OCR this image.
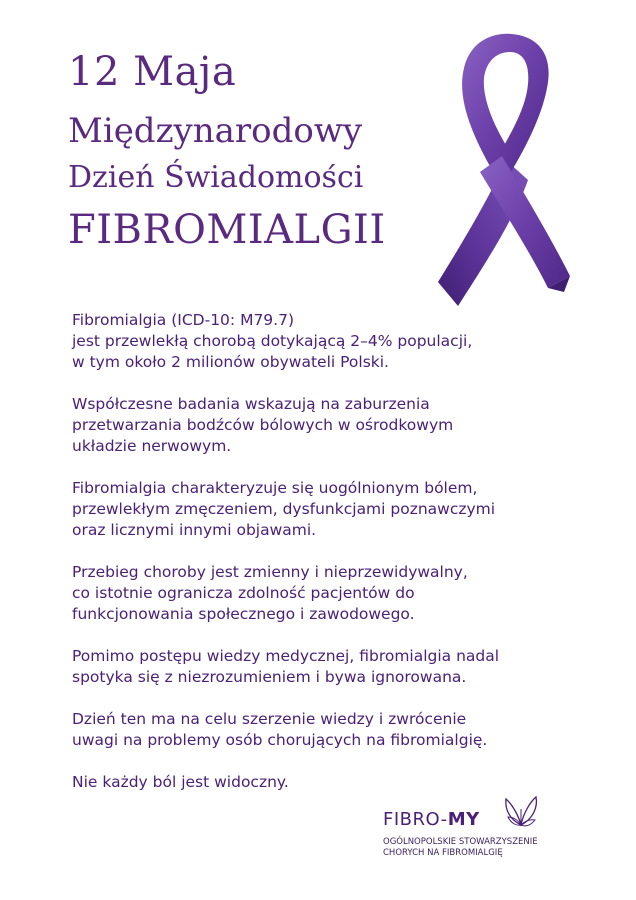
12 Maja
Międzynarodowy
Dzień Świadomości
FIBROMIALGII

Fibromialgia (ICD-10: M79.7)
jest przewlekłą chorobą dotykającą 2–4% populacji,
w tym około 2 milionów obywateli Polski.

Współczesne badania wskazują na zaburzenia
przetwarzania bodźców bólowych w ośrodkowym
układzie nerwowym.

Fibromialgia charakteryzuje się uogólnionym bólem,
przewlekłym zmęczeniem, dysfunkcjami poznawczymi
oraz licznymi innymi objawami.

Przebieg choroby jest zmienny i nieprzewidywalny,
co istotnie ogranicza zdolność pacjentów do
funkcjonowania społecznego i zawodowego.

Pomimo postępu wiedzy medycznej, fibromialgia nadal
spotyka się z niezrozumieniem i bywa ignorowana.

Dzień ten ma na celu szerzenie wiedzy i zwrócenie
uwagi na problemy osób chorujących na fibromialgię.

Nie każdy ból jest widoczny.

FIBRO-MY
OGÓLNOPOLSKIE STOWARZYSZENIE
CHORYCH NA FIBROMIALGIĘ
